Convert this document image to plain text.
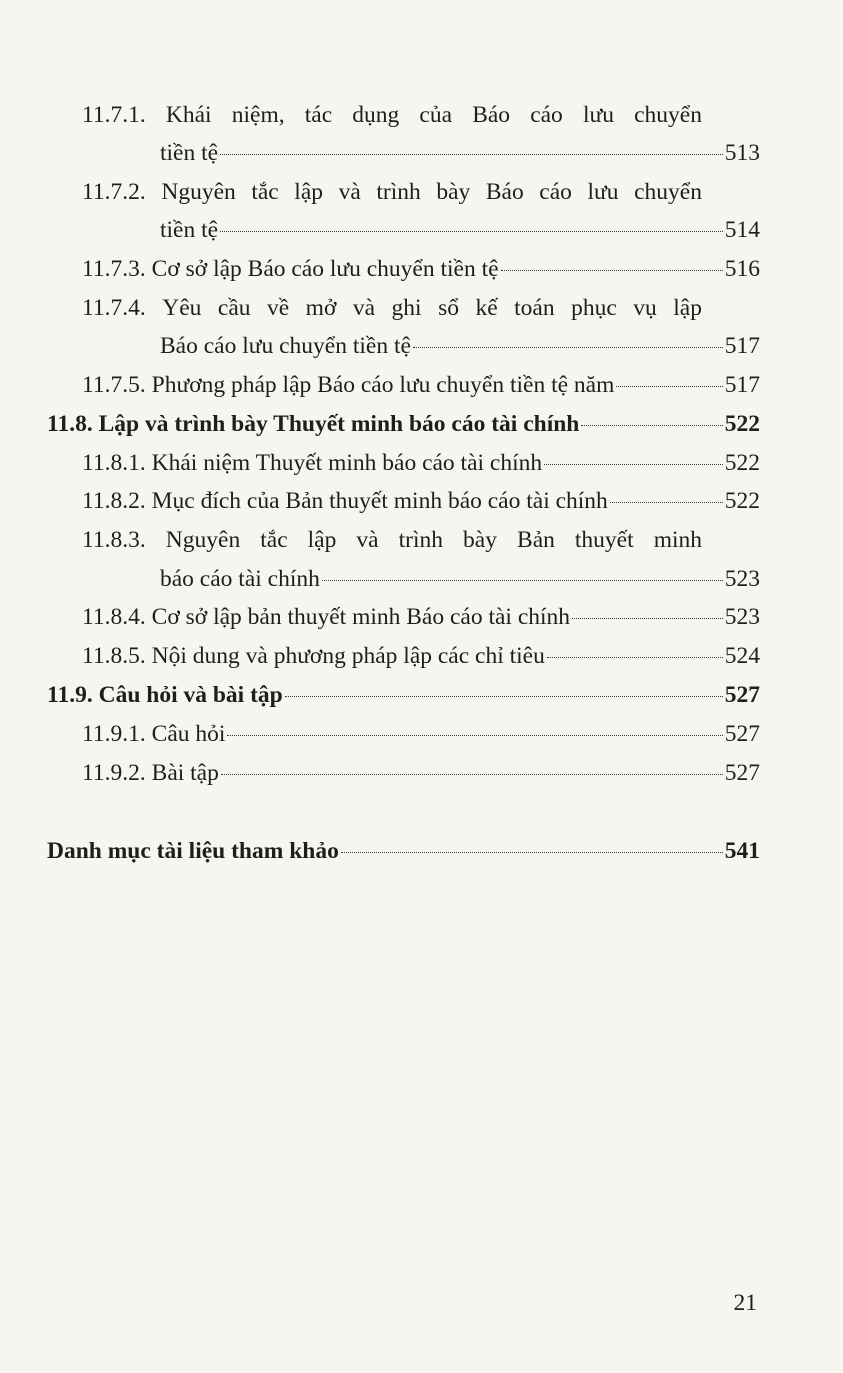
11.7.1. Khái niệm, tác dụng của Báo cáo lưu chuyển
tiền tệ	513
11.7.2. Nguyên tắc lập và trình bày Báo cáo lưu chuyển
tiền tệ	514
11.7.3. Cơ sở lập Báo cáo lưu chuyển tiền tệ	516
11.7.4. Yêu cầu về mở và ghi sổ kế toán phục vụ lập
Báo cáo lưu chuyển tiền tệ	517
11.7.5. Phương pháp lập Báo cáo lưu chuyển tiền tệ năm	517
11.8. Lập và trình bày Thuyết minh báo cáo tài chính	522
11.8.1. Khái niệm Thuyết minh báo cáo tài chính	522
11.8.2. Mục đích của Bản thuyết minh báo cáo tài chính	522
11.8.3. Nguyên tắc lập và trình bày Bản thuyết minh
báo cáo tài chính	523
11.8.4. Cơ sở lập bản thuyết minh Báo cáo tài chính	523
11.8.5. Nội dung và phương pháp lập các chỉ tiêu	524
11.9. Câu hỏi và bài tập	527
11.9.1. Câu hỏi	527
11.9.2. Bài tập	527
Danh mục tài liệu tham khảo	541
21
